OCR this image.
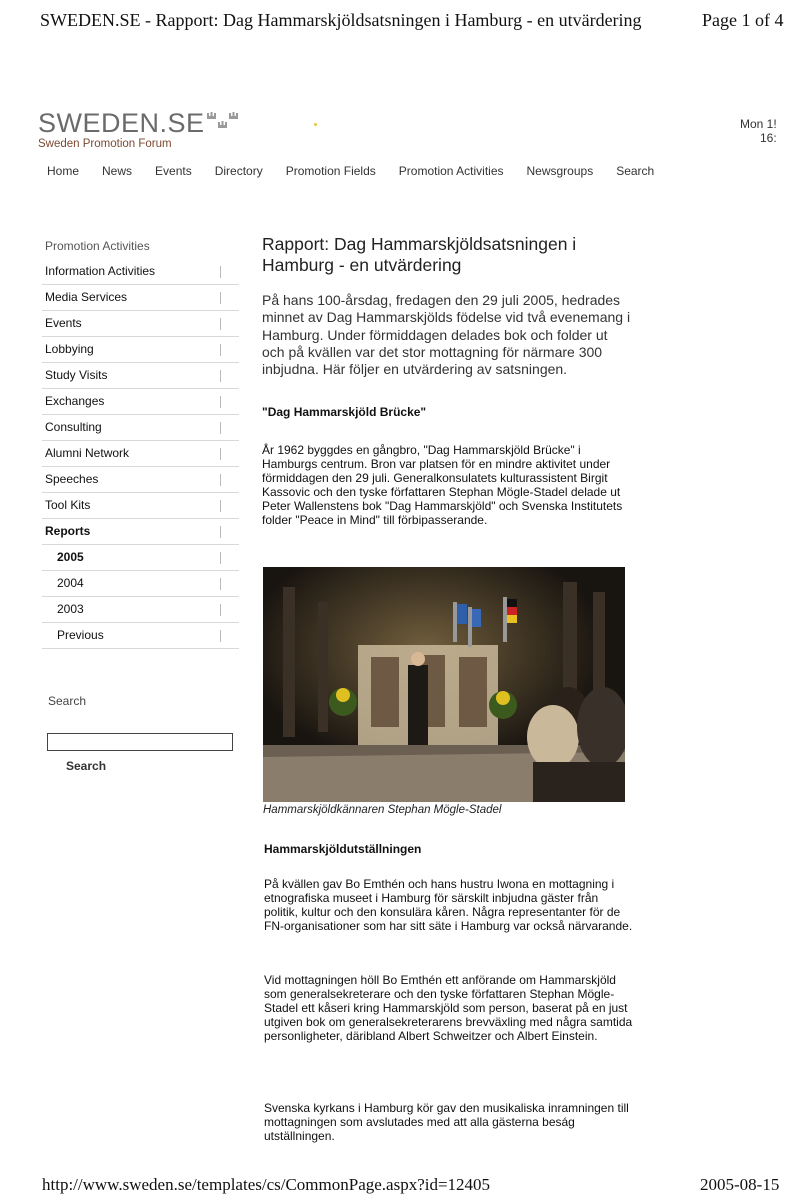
SWEDEN.SE - Rapport: Dag Hammarskjöldsatsningen i Hamburg - en utvärdering	Page 1 of 4
http://www.sweden.se/templates/cs/CommonPage.aspx?id=12405	2005-08-15
SWEDEN.SE
Sweden Promotion Forum
Mon 1!
16:
Home News Events Directory Promotion Fields Promotion Activities Newsgroups Search
Promotion Activities
Information Activities
Media Services
Events
Lobbying
Study Visits
Exchanges
Consulting
Alumni Network
Speeches
Tool Kits
Reports
2005
2004
2003
Previous
Search
Search
Rapport: Dag Hammarskjöldsatsningen i Hamburg - en utvärdering
På hans 100-årsdag, fredagen den 29 juli 2005, hedrades minnet av Dag Hammarskjölds födelse vid två evenemang i Hamburg. Under förmiddagen delades bok och folder ut och på kvällen var det stor mottagning för närmare 300 inbjudna. Här följer en utvärdering av satsningen.
"Dag Hammarskjöld Brücke"
År 1962 byggdes en gångbro, "Dag Hammarskjöld Brücke" i Hamburgs centrum. Bron var platsen för en mindre aktivitet under förmiddagen den 29 juli. Generalkonsulatets kulturassistent Birgit Kassovic och den tyske författaren Stephan Mögle-Stadel delade ut Peter Wallenstens bok "Dag Hammarskjöld" och Svenska Institutets folder "Peace in Mind" till förbipasserande.
Hammarskjöldkännaren Stephan Mögle-Stadel
Hammarskjöldutställningen
På kvällen gav Bo Emthén och hans hustru Iwona en mottagning i etnografiska museet i Hamburg för särskilt inbjudna gäster från politik, kultur och den konsulära kåren. Några representanter för de FN-organisationer som har sitt säte i Hamburg var också närvarande.
Vid mottagningen höll Bo Emthén ett anförande om Hammarskjöld som generalsekreterare och den tyske författaren Stephan Mögle-Stadel ett kåseri kring Hammarskjöld som person, baserat på en just utgiven bok om generalsekreterarens brevväxling med några samtida personligheter, däribland Albert Schweitzer och Albert Einstein.
Svenska kyrkans i Hamburg kör gav den musikaliska inramningen till mottagningen som avslutades med att alla gästerna beság utställningen.
